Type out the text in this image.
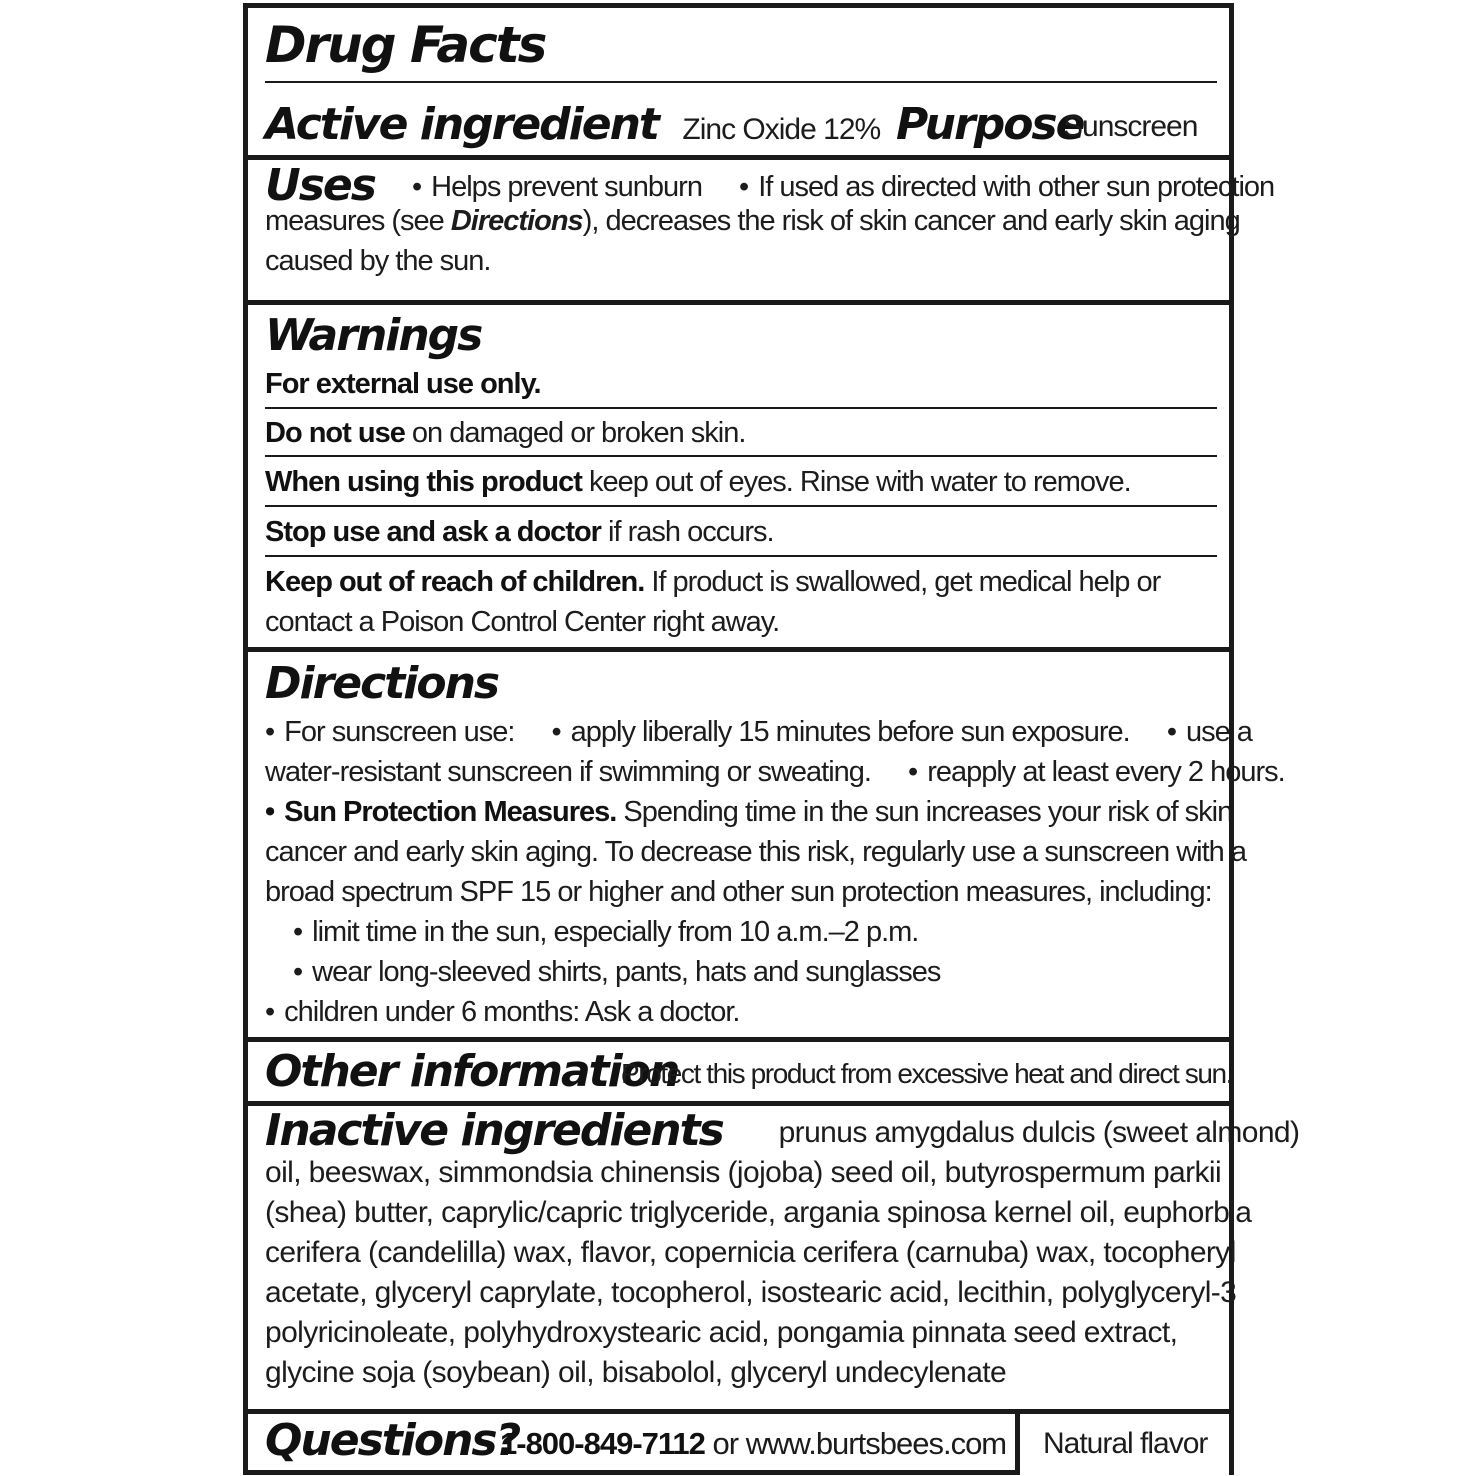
Drug Facts
Active ingredient Zinc Oxide 12% Purpose
Sunscreen
Uses • Helps prevent sunburn • If used as directed with other sun protection
measures (see Directions), decreases the risk of skin cancer and early skin aging
caused by the sun.
Warnings
For external use only.
Do not use on damaged or broken skin.
When using this product keep out of eyes. Rinse with water to remove.
Stop use and ask a doctor if rash occurs.
Keep out of reach of children. If product is swallowed, get medical help or
contact a Poison Control Center right away.
Directions
• For sunscreen use: • apply liberally 15 minutes before sun exposure. • use a
water-resistant sunscreen if swimming or sweating. • reapply at least every 2 hours.
• Sun Protection Measures. Spending time in the sun increases your risk of skin
cancer and early skin aging. To decrease this risk, regularly use a sunscreen with a
broad spectrum SPF 15 or higher and other sun protection measures, including:
• limit time in the sun, especially from 10 a.m.–2 p.m.
• wear long-sleeved shirts, pants, hats and sunglasses
• children under 6 months: Ask a doctor.
Other information
Protect this product from excessive heat and direct sun.
Inactive ingredients prunus amygdalus dulcis (sweet almond)
oil, beeswax, simmondsia chinensis (jojoba) seed oil, butyrospermum parkii
(shea) butter, caprylic/capric triglyceride, argania spinosa kernel oil, euphorbia
cerifera (candelilla) wax, flavor, copernicia cerifera (carnuba) wax, tocopheryl
acetate, glyceryl caprylate, tocopherol, isostearic acid, lecithin, polyglyceryl-3
polyricinoleate, polyhydroxystearic acid, pongamia pinnata seed extract,
glycine soja (soybean) oil, bisabolol, glyceryl undecylenate
Questions?
1-800-849-7112 or www.burtsbees.com Natural flavor
